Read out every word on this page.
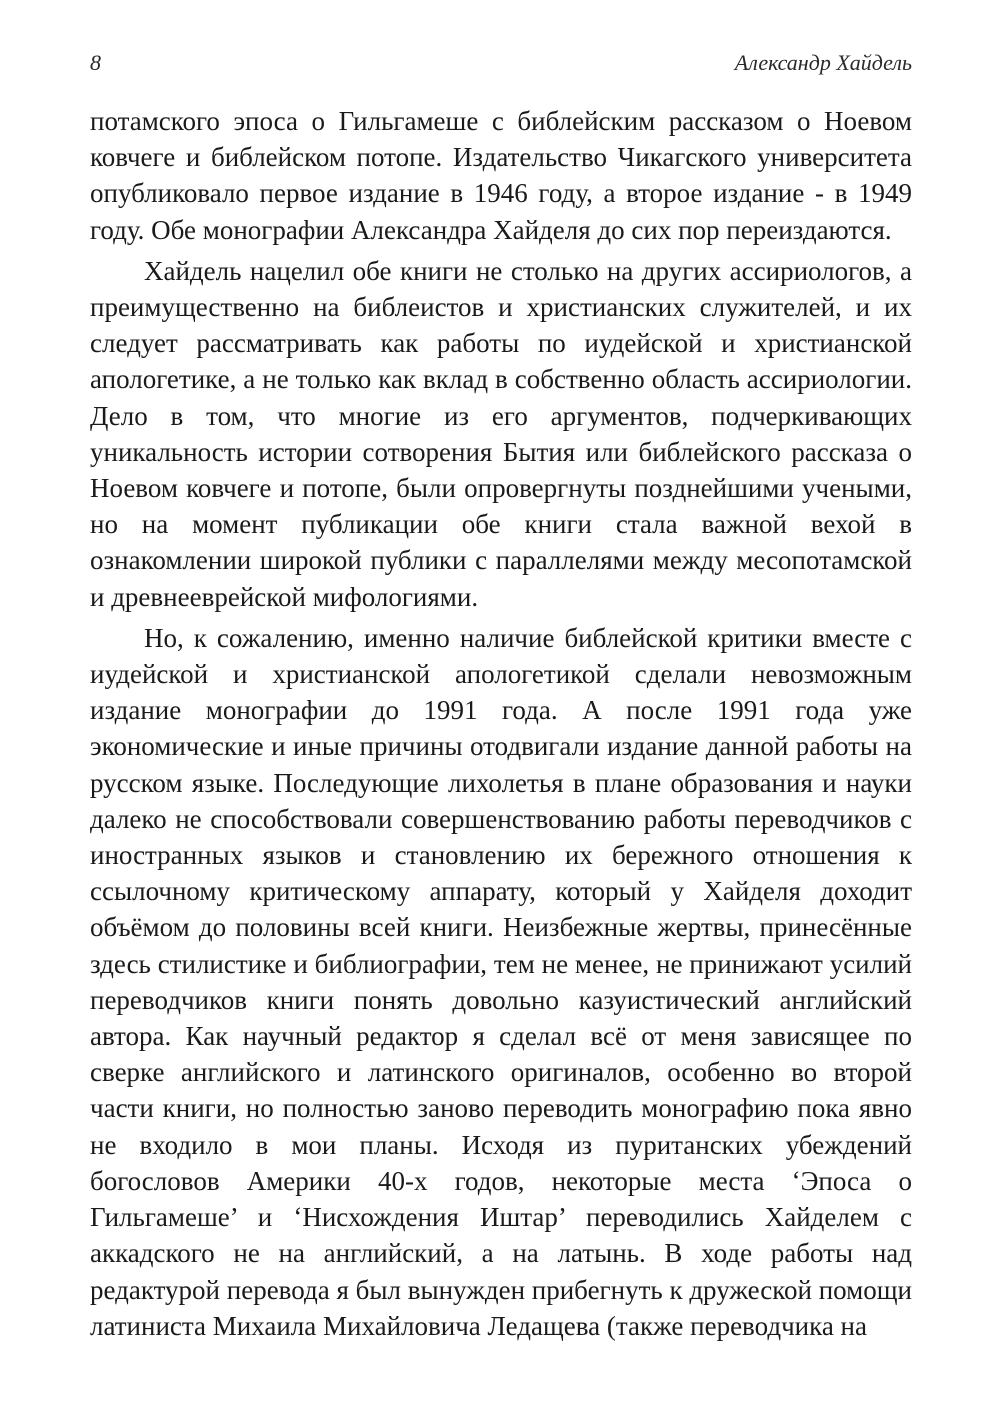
8	Александр Хайдель

потамского эпоса о Гильгамеше с библейским рассказом о Ноевом ковчеге и библейском потопе. Издательство Чикагского университета опубликовало первое издание в 1946 году, а второе издание - в 1949 году. Обе монографии Александра Хайделя до сих пор переиздаются.

Хайдель нацелил обе книги не столько на других ассириологов, а преимущественно на библеистов и христианских служителей, и их следует рассматривать как работы по иудейской и христианской апологетике, а не только как вклад в собственно область ассириологии. Дело в том, что многие из его аргументов, подчеркивающих уникальность истории сотворения Бытия или библейского рассказа о Ноевом ковчеге и потопе, были опровергнуты позднейшими учеными, но на момент публикации обе книги стала важной вехой в ознакомлении широкой публики с параллелями между месопотамской и древнееврейской мифологиями.

Но, к сожалению, именно наличие библейской критики вместе с иудейской и христианской апологетикой сделали невозможным издание монографии до 1991 года. А после 1991 года уже экономические и иные причины отодвигали издание данной работы на русском языке. Последующие лихолетья в плане образования и науки далеко не способствовали совершенствованию работы переводчиков с иностранных языков и становлению их бережного отношения к ссылочному критическому аппарату, который у Хайделя доходит объёмом до половины всей книги. Неизбежные жертвы, принесённые здесь стилистике и библиографии, тем не менее, не принижают усилий переводчиков книги понять довольно казуистический английский автора. Как научный редактор я сделал всё от меня зависящее по сверке английского и латинского оригиналов, особенно во второй части книги, но полностью заново переводить монографию пока явно не входило в мои планы. Исходя из пуританских убеждений богословов Америки 40-х годов, некоторые места ‘Эпоса о Гильгамеше’ и ‘Нисхождения Иштар’ переводились Хайделем с аккадского не на английский, а на латынь. В ходе работы над редактурой перевода я был вынужден прибегнуть к дружеской помощи латиниста Михаила Михайловича Ледащева (также переводчика на
